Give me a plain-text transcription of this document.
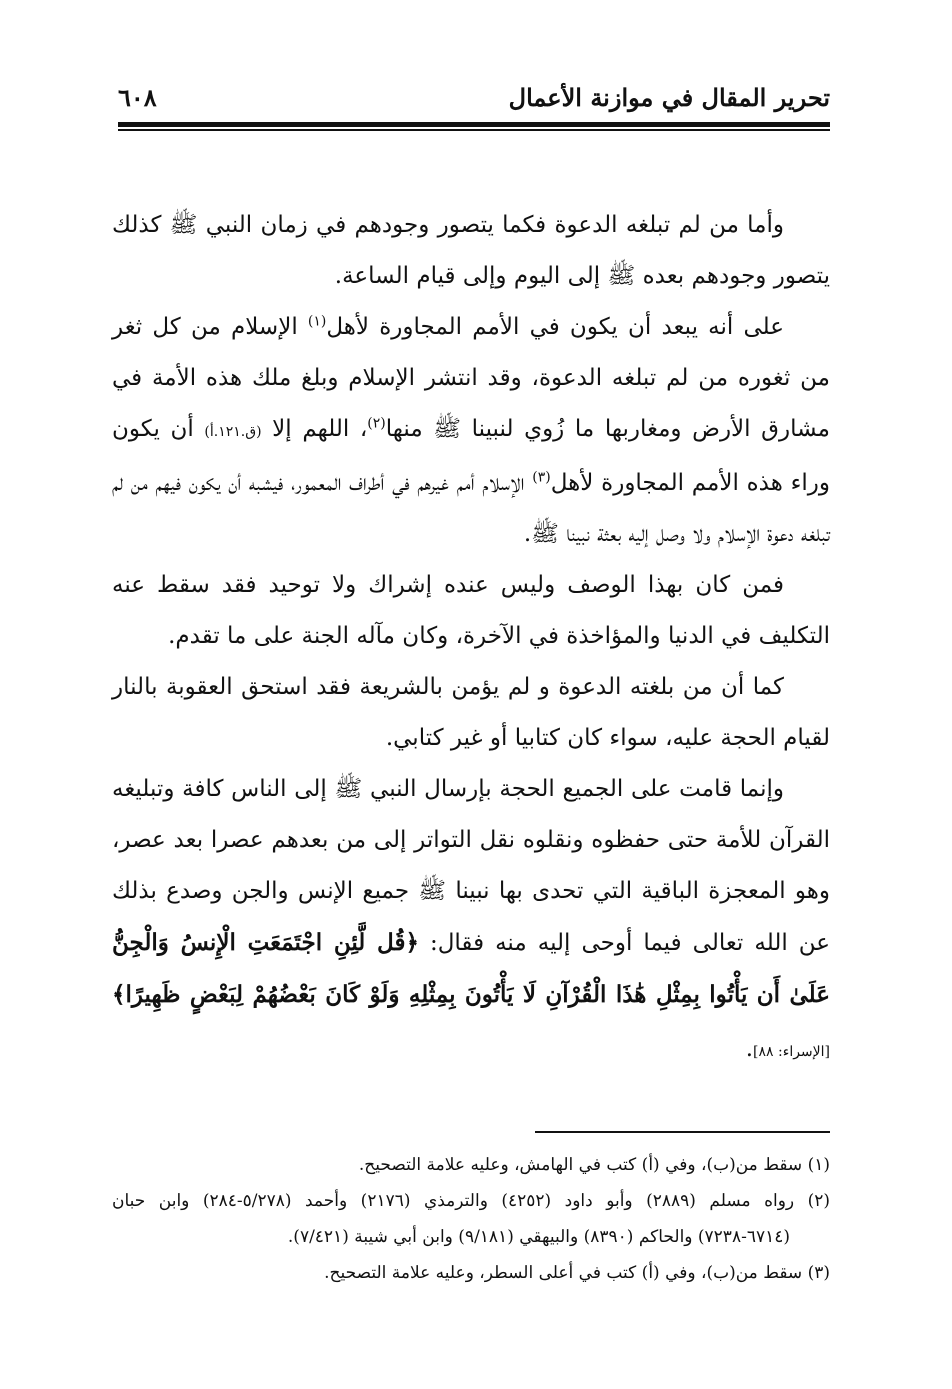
تحرير المقال في موازنة الأعمال
٦٠٨

وأما من لم تبلغه الدعوة فكما يتصور وجودهم في زمان النبي ﷺ كذلك يتصور وجودهم بعده ﷺ إلى اليوم وإلى قيام الساعة.

على أنه يبعد أن يكون في الأمم المجاورة لأهل$^{(١)}$ الإسلام من كل ثغر من ثغوره من لم تبلغه الدعوة، وقد انتشر الإسلام وبلغ ملك هذه الأمة في مشارق الأرض ومغاربها ما زُوي لنبينا ﷺ منها$^{(٢)}$، اللهم إلا (ق.١٢١.أ) أن يكون وراء هذه الأمم المجاورة لأهل$^{(٣)}$ الإسلام أمم غيرهم في أطراف المعمور، فيشبه أن يكون فيهم من لم تبلغه دعوة الإسلام ولا وصل إليه بعثة نبينا ﷺ.

فمن كان بهذا الوصف وليس عنده إشراك ولا توحيد فقد سقط عنه التكليف في الدنيا والمؤاخذة في الآخرة، وكان مآله الجنة على ما تقدم.

كما أن من بلغته الدعوة و لم يؤمن بالشريعة فقد استحق العقوبة بالنار لقيام الحجة عليه، سواء كان كتابيا أو غير كتابي.

وإنما قامت على الجميع الحجة بإرسال النبي ﷺ إلى الناس كافة وتبليغه القرآن للأمة حتى حفظوه ونقلوه نقل التواتر إلى من بعدهم عصرا بعد عصر، وهو المعجزة الباقية التي تحدى بها نبينا ﷺ جميع الإنس والجن وصدع بذلك عن الله تعالى فيما أوحى إليه منه فقال: ﴿قُل لَّئِنِ اجْتَمَعَتِ الْإِنسُ وَالْجِنُّ عَلَىٰ أَن يَأْتُوا بِمِثْلِ هَٰذَا الْقُرْآنِ لَا يَأْتُونَ بِمِثْلِهِ وَلَوْ كَانَ بَعْضُهُمْ لِبَعْضٍ ظَهِيرًا﴾ [الإسراء: ٨٨].

(١) سقط من(ب)، وفي (أ) كتب في الهامش، وعليه علامة التصحيح.

(٢) رواه مسلم (٢٨٨٩) وأبو داود (٤٢٥٢) والترمذي (٢١٧٦) وأحمد (٥/٢٧٨-٢٨٤) وابن حبان (٦٧١٤-٧٢٣٨) والحاكم (٨٣٩٠) والبيهقي (٩/١٨١) وابن أبي شيبة (٧/٤٢١).

(٣) سقط من(ب)، وفي (أ) كتب في أعلى السطر، وعليه علامة التصحيح.
